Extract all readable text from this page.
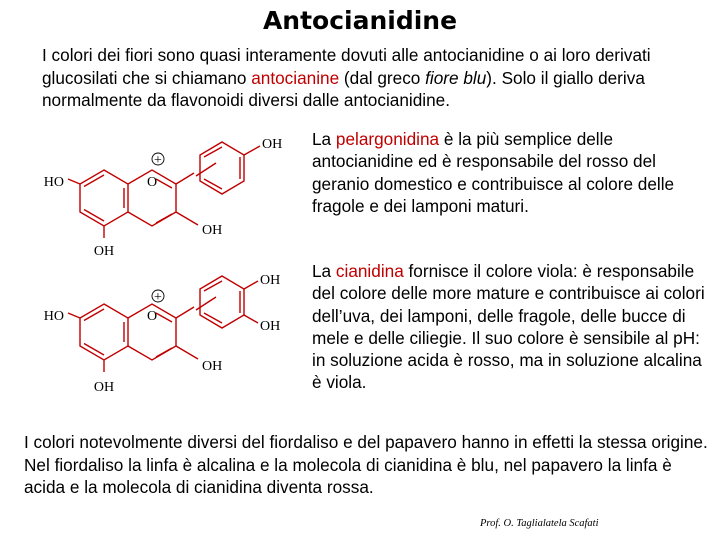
Antocianidine
I colori dei fiori sono quasi interamente dovuti alle antocianidine o ai loro derivati glucosilati che si chiamano antocianine (dal greco fiore blu). Solo il giallo deriva normalmente da flavonoidi diversi dalle antocianidine.
OH
+
O
HO
OH
OH
OH
OH
+
O
HO
OH
OH
La pelargonidina è la più semplice delle antocianidine ed è responsabile del rosso del geranio domestico e contribuisce al colore delle fragole e dei lamponi maturi.
La cianidina fornisce il colore viola: è responsabile del colore delle more mature e contribuisce ai colori dell’uva, dei lamponi, delle fragole, delle bucce di mele e delle ciliegie. Il suo colore è sensibile al pH: in soluzione acida è rosso, ma in soluzione alcalina è viola.
I colori notevolmente diversi del fiordaliso e del papavero hanno in effetti la stessa origine. Nel fiordaliso la linfa è alcalina e la molecola di cianidina è blu, nel papavero la linfa è acida e la molecola di cianidina diventa rossa.
Prof. O. Taglialatela Scafati
